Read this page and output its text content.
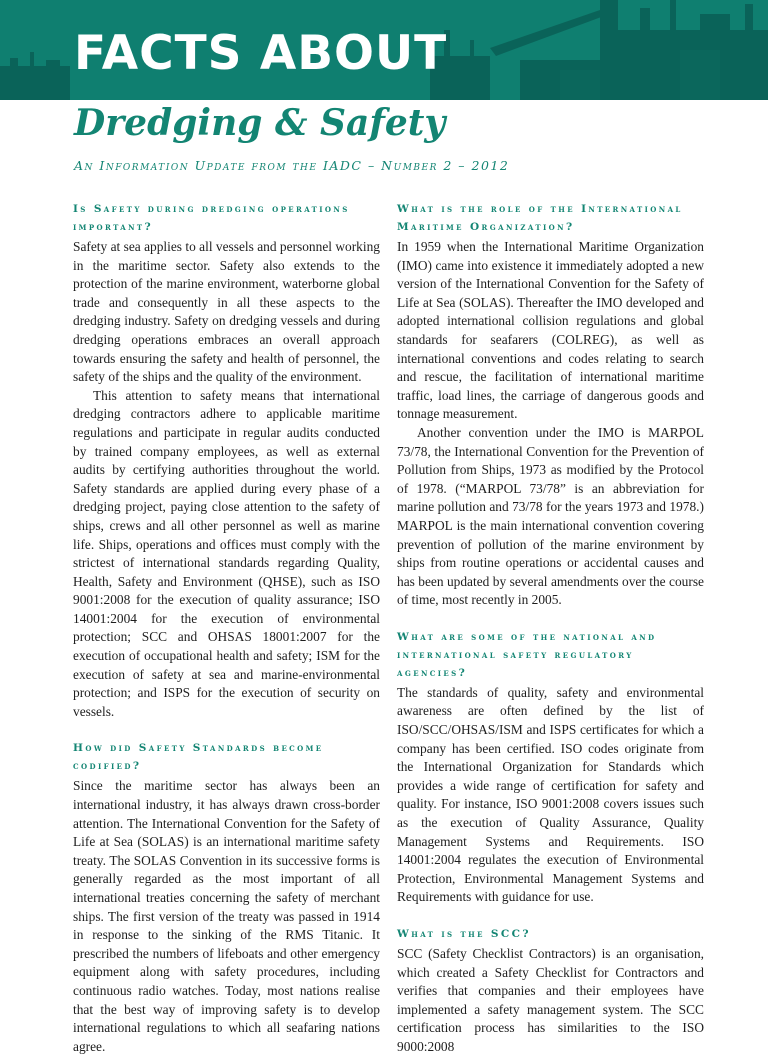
FACTS ABOUT
Dredging & Safety
An Information Update from the IADC – Number 2 – 2012
Is Safety during dredging operations important?

Safety at sea applies to all vessels and personnel working in the maritime sector. Safety also extends to the protection of the marine environment, waterborne global trade and consequently in all these aspects to the dredging industry. Safety on dredging vessels and during dredging operations embraces an overall approach towards ensuring the safety and health of personnel, the safety of the ships and the quality of the environment.

This attention to safety means that international dredging contractors adhere to applicable maritime regulations and participate in regular audits conducted by trained company employees, as well as external audits by certifying authorities throughout the world. Safety standards are applied during every phase of a dredging project, paying close attention to the safety of ships, crews and all other personnel as well as marine life. Ships, operations and offices must comply with the strictest of international standards regarding Quality, Health, Safety and Environment (QHSE), such as ISO 9001:2008 for the execution of quality assurance; ISO 14001:2004 for the execution of environmental protection; SCC and OHSAS 18001:2007 for the execution of occupational health and safety; ISM for the execution of safety at sea and marine-environmental protection; and ISPS for the execution of security on vessels.

How did Safety Standards become codified?

Since the maritime sector has always been an international industry, it has always drawn cross-border attention. The International Convention for the Safety of Life at Sea (SOLAS) is an international maritime safety treaty. The SOLAS Convention in its successive forms is generally regarded as the most important of all international treaties concerning the safety of merchant ships. The first version of the treaty was passed in 1914 in response to the sinking of the RMS Titanic. It prescribed the numbers of lifeboats and other emergency equipment along with safety procedures, including continuous radio watches. Today, most nations realise that the best way of improving safety is to develop international regulations to which all seafaring nations agree.

What is the role of the International Maritime Organization?

In 1959 when the International Maritime Organization (IMO) came into existence it immediately adopted a new version of the International Convention for the Safety of Life at Sea (SOLAS). Thereafter the IMO developed and adopted international collision regulations and global standards for seafarers (COLREG), as well as international conventions and codes relating to search and rescue, the facilitation of international maritime traffic, load lines, the carriage of dangerous goods and tonnage measurement.

Another convention under the IMO is MARPOL 73/78, the International Convention for the Prevention of Pollution from Ships, 1973 as modified by the Protocol of 1978. (“MARPOL 73/78” is an abbreviation for marine pollution and 73/78 for the years 1973 and 1978.) MARPOL is the main international convention covering prevention of pollution of the marine environment by ships from routine operations or accidental causes and has been updated by several amendments over the course of time, most recently in 2005.

What are some of the national and international safety regulatory agencies?

The standards of quality, safety and environmental awareness are often defined by the list of ISO/SCC/OHSAS/ISM and ISPS certificates for which a company has been certified. ISO codes originate from the International Organization for Standards which provides a wide range of certification for safety and quality. For instance, ISO 9001:2008 covers issues such as the execution of Quality Assurance, Quality Management Systems and Requirements. ISO 14001:2004 regulates the execution of Environmental Protection, Environmental Management Systems and Requirements with guidance for use.

What is the SCC?

SCC (Safety Checklist Contractors) is an organisation, which created a Safety Checklist for Contractors and verifies that companies and their employees have implemented a safety management system. The SCC certification process has similarities to the ISO 9000:2008
